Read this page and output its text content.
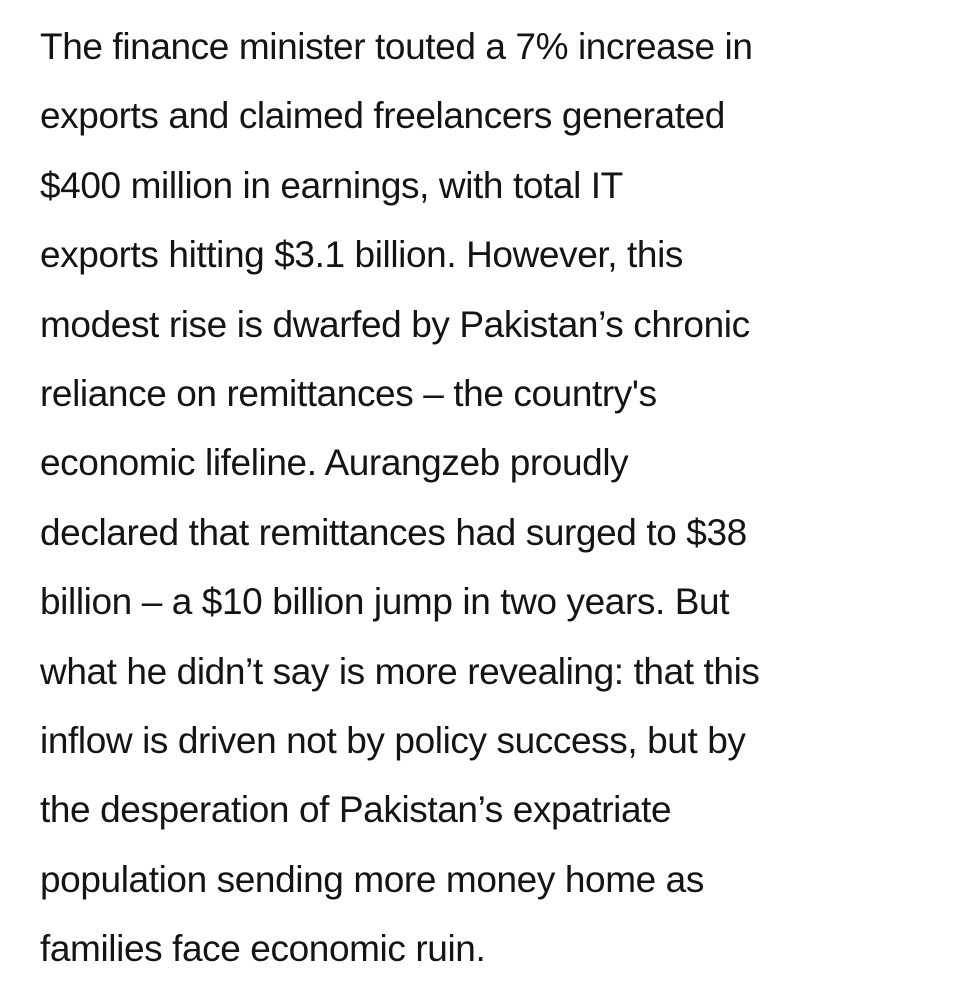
The finance minister touted a 7% increase in
exports and claimed freelancers generated
$400 million in earnings, with total IT
exports hitting $3.1 billion. However, this
modest rise is dwarfed by Pakistan’s chronic
reliance on remittances – the country's
economic lifeline. Aurangzeb proudly
declared that remittances had surged to $38
billion – a $10 billion jump in two years. But
what he didn’t say is more revealing: that this
inflow is driven not by policy success, but by
the desperation of Pakistan’s expatriate
population sending more money home as
families face economic ruin.
